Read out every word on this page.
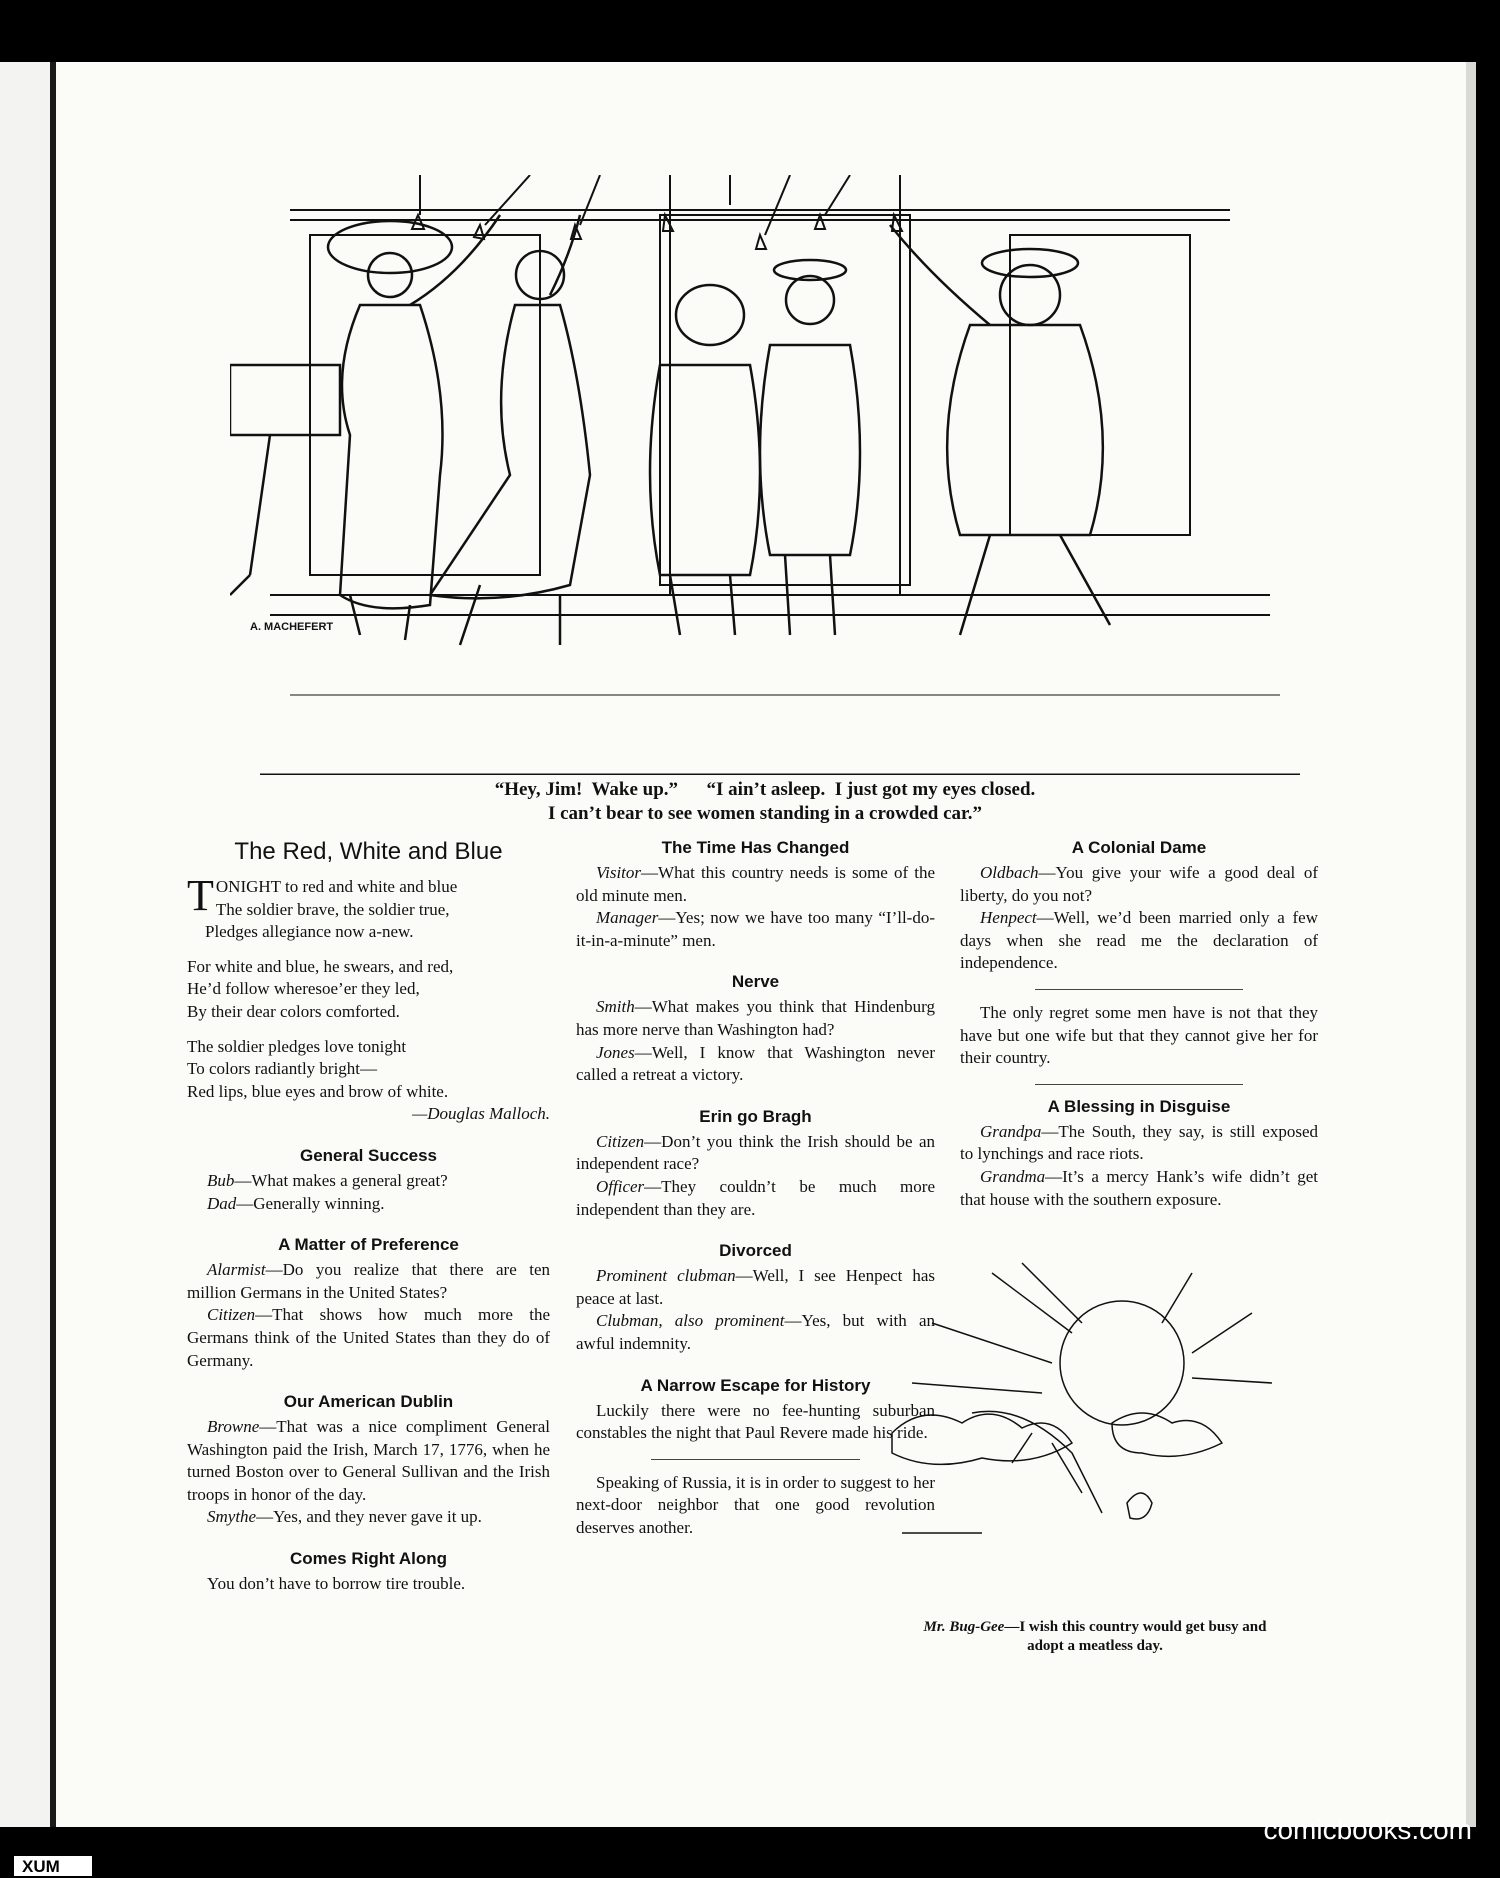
A. MACHEFERT
“Hey, Jim!  Wake up.”      “I ain’t asleep.  I just got my eyes closed.
I can’t bear to see women standing in a crowded car.”
The Red, White and Blue
T ONIGHT to red and white and blue
The soldier brave, the soldier true,
Pledges allegiance now a-new.
For white and blue, he swears, and red,
He’d follow wheresoe’er they led,
By their dear colors comforted.
The soldier pledges love tonight
To colors radiantly bright—
Red lips, blue eyes and brow of white.
—Douglas Malloch.
General Success

Bub—What makes a general great?

Dad—Generally winning.

A Matter of Preference

Alarmist—Do you realize that there are ten million Germans in the United States?

Citizen—That shows how much more the Germans think of the United States than they do of Germany.

Our American Dublin

Browne—That was a nice compliment General Washington paid the Irish, March 17, 1776, when he turned Boston over to General Sullivan and the Irish troops in honor of the day.

Smythe—Yes, and they never gave it up.

Comes Right Along

You don’t have to borrow tire trouble.

The Time Has Changed

Visitor—What this country needs is some of the old minute men.

Manager—Yes; now we have too many “I’ll-do-it-in-a-minute” men.

Nerve

Smith—What makes you think that Hindenburg has more nerve than Washington had?

Jones—Well, I know that Washington never called a retreat a victory.

Erin go Bragh

Citizen—Don’t you think the Irish should be an independent race?

Officer—They couldn’t be much more independent than they are.

Divorced

Prominent clubman—Well, I see Henpect has peace at last.

Clubman, also prominent—Yes, but with an awful indemnity.

A Narrow Escape for History

Luckily there were no fee-hunting suburban constables the night that Paul Revere made his ride.

Speaking of Russia, it is in order to suggest to her next-door neighbor that one good revolution deserves another.

A Colonial Dame

Oldbach—You give your wife a good deal of liberty, do you not?

Henpect—Well, we’d been married only a few days when she read me the declaration of independence.

The only regret some men have is not that they have but one wife but that they cannot give her for their country.

A Blessing in Disguise

Grandpa—The South, they say, is still exposed to lynchings and race riots.

Grandma—It’s a mercy Hank’s wife didn’t get that house with the southern exposure.

Mr. Bug-Gee—I wish this country would get busy and
adopt a meatless day.
comicbooks.com
XUM
